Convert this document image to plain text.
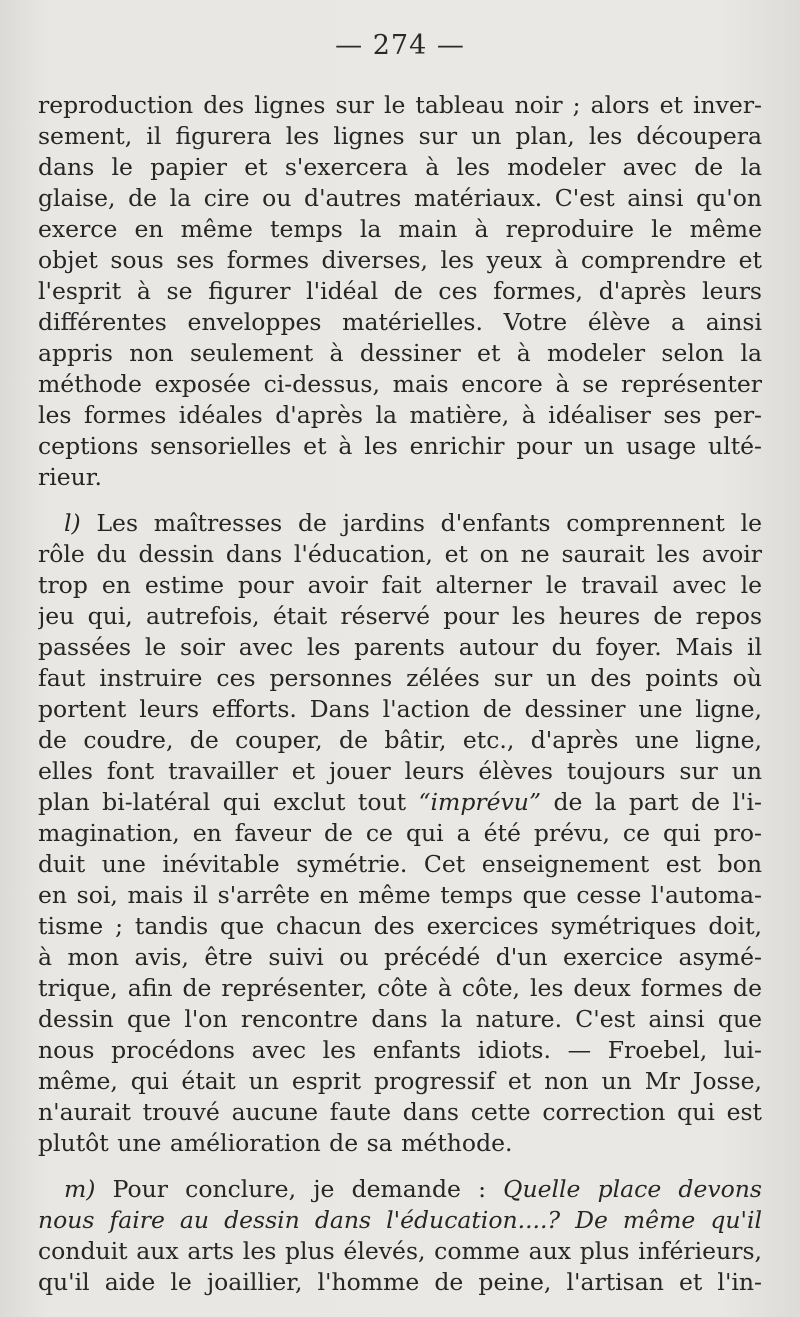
— 274 —
reproduction des lignes sur le tableau noir ; alors et inver-
sement, il figurera les lignes sur un plan, les découpera
dans le papier et s'exercera à les modeler avec de la
glaise, de la cire ou d'autres matériaux. C'est ainsi qu'on
exerce en même temps la main à reproduire le même
objet sous ses formes diverses, les yeux à comprendre et
l'esprit à se figurer l'idéal de ces formes, d'après leurs
différentes enveloppes matérielles. Votre élève a ainsi
appris non seulement à dessiner et à modeler selon la
méthode exposée ci-dessus, mais encore à se représenter
les formes idéales d'après la matière, à idéaliser ses per-
ceptions sensorielles et à les enrichir pour un usage ulté-
rieur.
l) Les maîtresses de jardins d'enfants comprennent le
rôle du dessin dans l'éducation, et on ne saurait les avoir
trop en estime pour avoir fait alterner le travail avec le
jeu qui, autrefois, était réservé pour les heures de repos
passées le soir avec les parents autour du foyer. Mais il
faut instruire ces personnes zélées sur un des points où
portent leurs efforts. Dans l'action de dessiner une ligne,
de coudre, de couper, de bâtir, etc., d'après une ligne,
elles font travailler et jouer leurs élèves toujours sur un
plan bi-latéral qui exclut tout “imprévu” de la part de l'i-
magination, en faveur de ce qui a été prévu, ce qui pro-
duit une inévitable symétrie. Cet enseignement est bon
en soi, mais il s'arrête en même temps que cesse l'automa-
tisme ; tandis que chacun des exercices symétriques doit,
à mon avis, être suivi ou précédé d'un exercice asymé-
trique, afin de représenter, côte à côte, les deux formes de
dessin que l'on rencontre dans la nature. C'est ainsi que
nous procédons avec les enfants idiots. — Froebel, lui-
même, qui était un esprit progressif et non un Mr Josse,
n'aurait trouvé aucune faute dans cette correction qui est
plutôt une amélioration de sa méthode.
m) Pour conclure, je demande : Quelle place devons
nous faire au dessin dans l'éducation....? De même qu'il
conduit aux arts les plus élevés, comme aux plus inférieurs,
qu'il aide le joaillier, l'homme de peine, l'artisan et l'in-
